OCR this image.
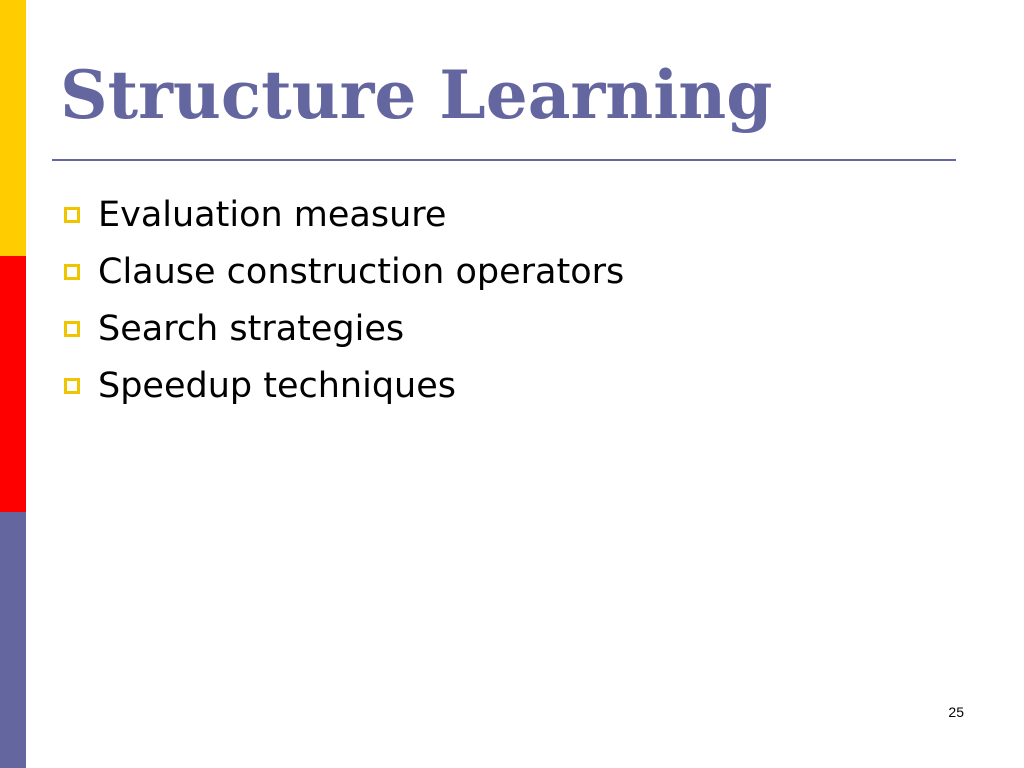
Structure Learning
Evaluation measure
Clause construction operators
Search strategies
Speedup techniques
25
